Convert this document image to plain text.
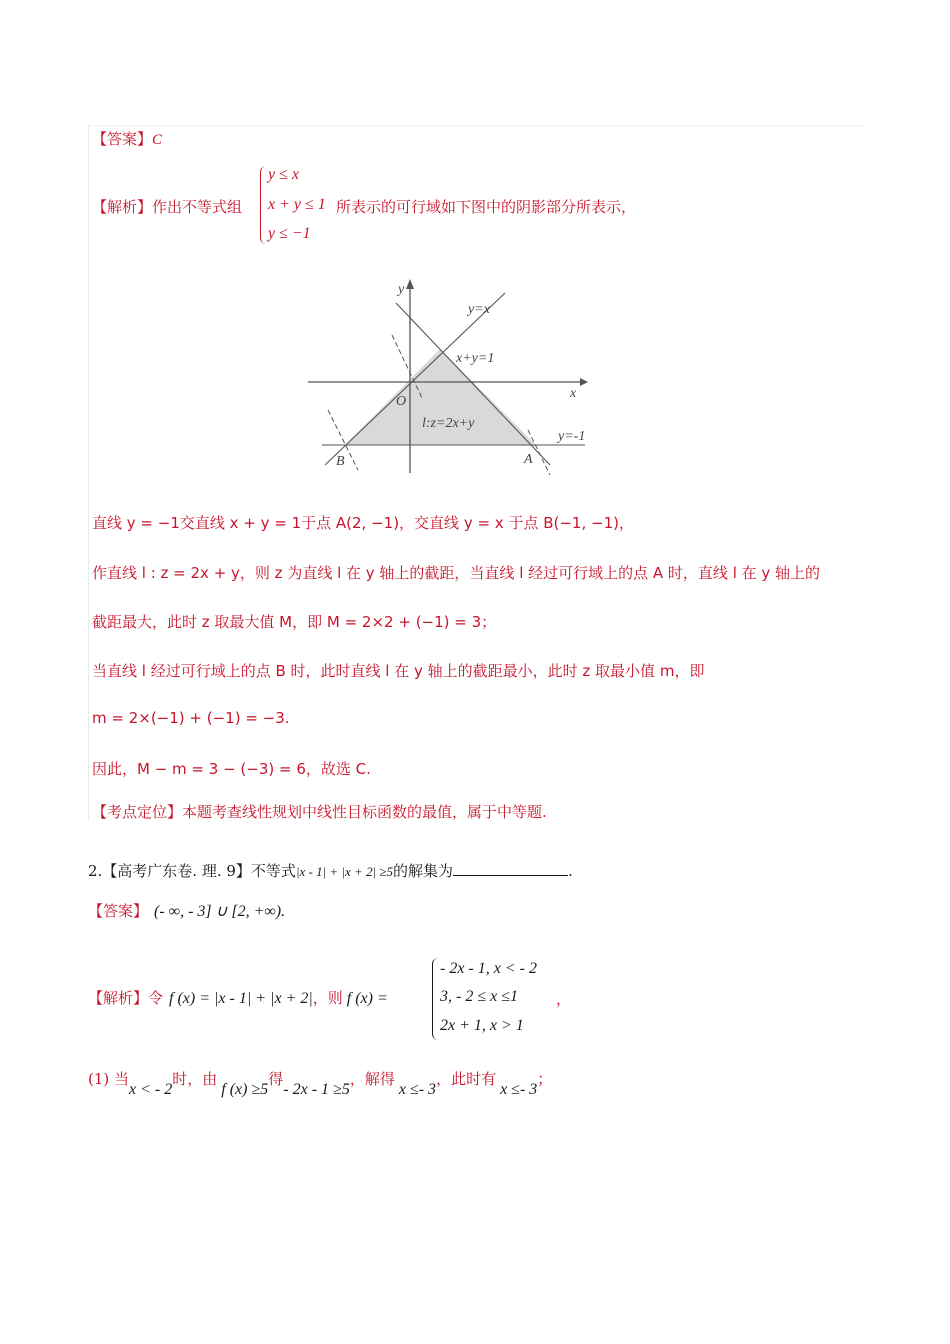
【答案】C
【解析】作出不等式组
y ≤ x
x + y ≤ 1
y ≤ −1
所表示的可行域如下图中的阴影部分所表示，
x
y
O
y=x
x+y=1
l:z=2x+y
y=-1
A
B
直线 y = −1交直线 x + y = 1于点 A(2, −1)，交直线 y = x 于点 B(−1, −1)，
作直线 l : z = 2x + y，则 z 为直线 l 在 y 轴上的截距，当直线 l 经过可行域上的点 A 时，直线 l 在 y 轴上的
截距最大，此时 z 取最大值 M，即 M = 2×2 + (−1) = 3；
当直线 l 经过可行域上的点 B 时，此时直线 l 在 y 轴上的截距最小，此时 z 取最小值 m，即
m = 2×(−1) + (−1) = −3.
因此，M − m = 3 − (−3) = 6，故选 C.
【考点定位】本题考查线性规划中线性目标函数的最值，属于中等题.
2.【高考广东卷. 理. 9】不等式|x - 1| + |x + 2| ≥5的解集为	.
【答案】 (- ∞, - 3] ∪ [2, +∞).
【解析】令 f (x) = |x - 1| + |x + 2|，则 f (x) =
- 2x - 1, x < - 2
3, - 2 ≤ x ≤1
2x + 1, x > 1
，
(1) 当x < - 2时，由f (x) ≥5得- 2x - 1 ≥5，解得x ≤- 3，此时有x ≤- 3；
